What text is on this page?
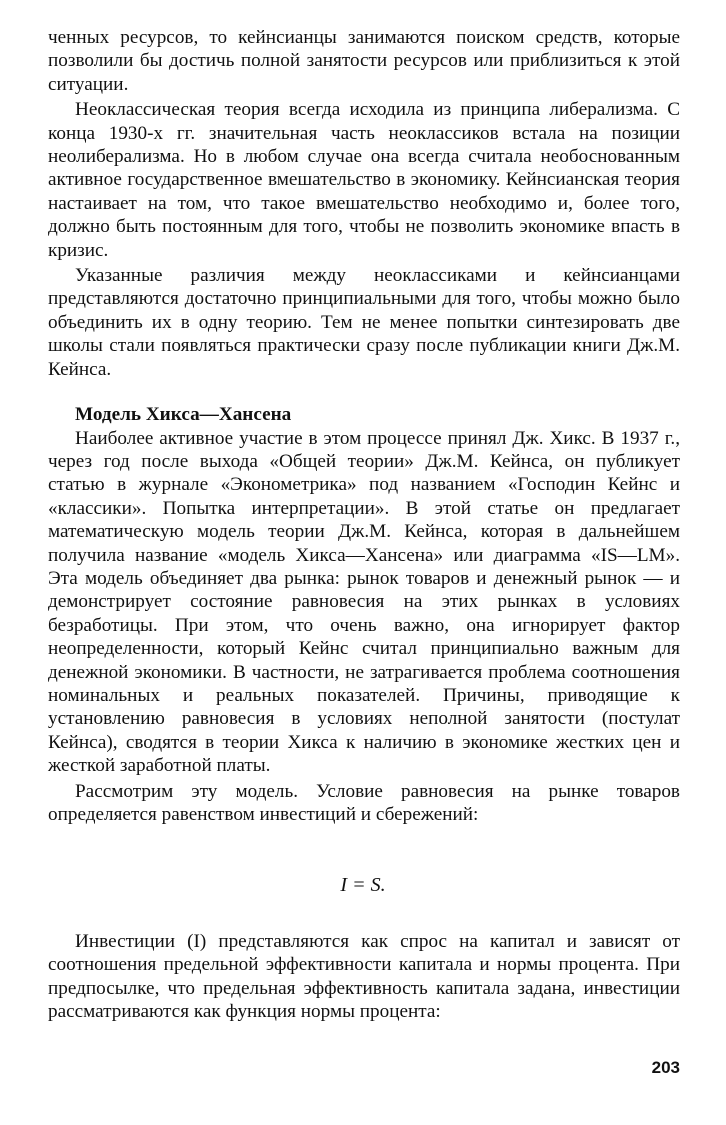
ченных ресурсов, то кейнсианцы занимаются поиском средств, которые позволили бы достичь полной занятости ресурсов или приблизиться к этой ситуации.

Неоклассическая теория всегда исходила из принципа либерализма. С конца 1930-х гг. значительная часть неоклассиков встала на позиции неолиберализма. Но в любом случае она всегда считала необоснованным активное государственное вмешательство в экономику. Кейнсианская теория настаивает на том, что такое вмешательство необходимо и, более того, должно быть постоянным для того, чтобы не позволить экономике впасть в кризис.

Указанные различия между неоклассиками и кейнсианцами представляются достаточно принципиальными для того, чтобы можно было объединить их в одну теорию. Тем не менее попытки синтезировать две школы стали появляться практически сразу после публикации книги Дж.М. Кейнса.

Модель Хикса—Хансена

Наиболее активное участие в этом процессе принял Дж. Хикс. В 1937 г., через год после выхода «Общей теории» Дж.М. Кейнса, он публикует статью в журнале «Эконометрика» под названием «Господин Кейнс и «классики». Попытка интерпретации». В этой статье он предлагает математическую модель теории Дж.М. Кейнса, которая в дальнейшем получила название «модель Хикса—Хансена» или диаграмма «IS—LM». Эта модель объединяет два рынка: рынок товаров и денежный рынок — и демонстрирует состояние равновесия на этих рынках в условиях безработицы. При этом, что очень важно, она игнорирует фактор неопределенности, который Кейнс считал принципиально важным для денежной экономики. В частности, не затрагивается проблема соотношения номинальных и реальных показателей. Причины, приводящие к установлению равновесия в условиях неполной занятости (постулат Кейнса), сводятся в теории Хикса к наличию в экономике жестких цен и жесткой заработной платы.

Рассмотрим эту модель. Условие равновесия на рынке товаров определяется равенством инвестиций и сбережений:

I = S.

Инвестиции (I) представляются как спрос на капитал и зависят от соотношения предельной эффективности капитала и нормы процента. При предпосылке, что предельная эффективность капитала задана, инвестиции рассматриваются как функция нормы процента:

203
